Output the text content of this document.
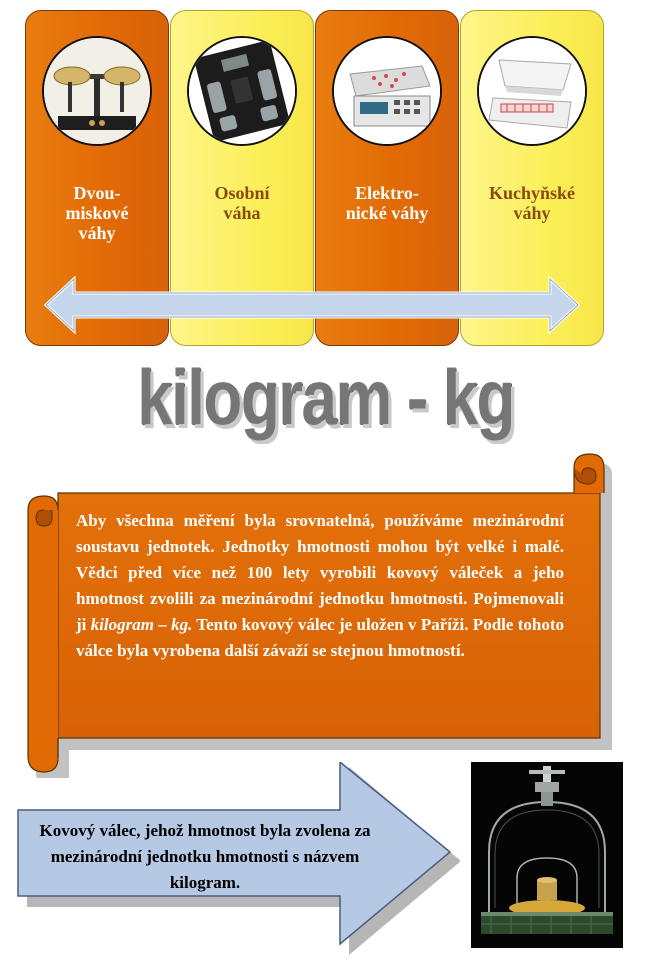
Dvou-
miskové
váhy
Osobní
váha
Elektro-
nické váhy
Kuchyňské
váhy
kilogram - kg

Aby všechna měření byla srovnatelná, používáme mezinárodní soustavu jednotek. Jednotky hmotnosti mohou být velké i malé. Vědci před více než 100 lety vyrobili kovový váleček a jeho hmotnost zvolili za mezinárodní jednotku hmotnosti. Pojmenovali ji kilogram – kg. Tento kovový válec je uložen v Paříži. Podle tohoto válce byla vyrobena další závaží se stejnou hmotností.

Kovový válec, jehož hmotnost byla zvolena za mezinárodní jednotku hmotnosti s názvem kilogram.
